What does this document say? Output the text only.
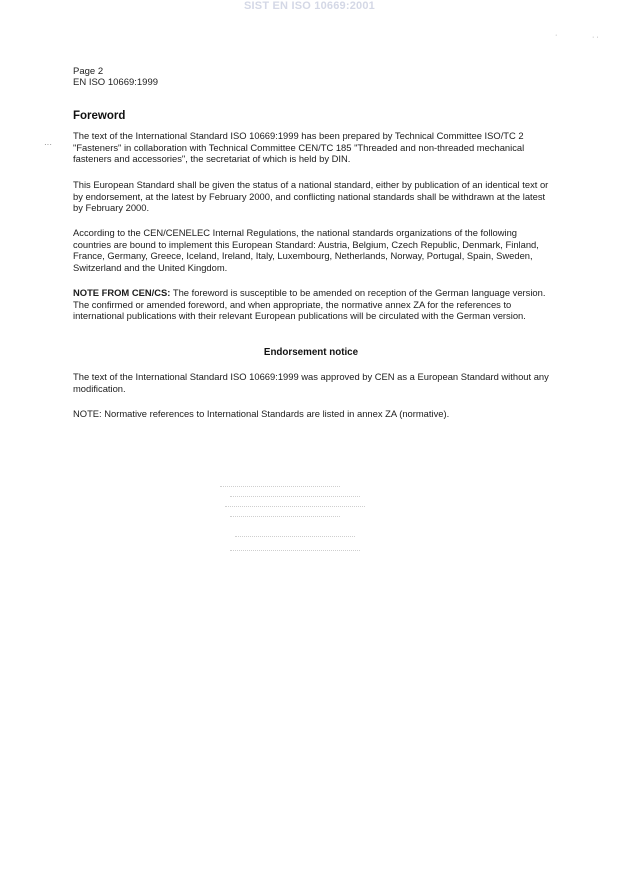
SIST EN ISO 10669:2001
·	· ·
···
Page 2
EN ISO 10669:1999
Foreword
The text of the International Standard ISO 10669:1999 has been prepared by Technical Committee ISO/TC 2 "Fasteners" in collaboration with Technical Committee CEN/TC 185 "Threaded and non-threaded mechanical fasteners and accessories", the secretariat of which is held by DIN.
This European Standard shall be given the status of a national standard, either by publication of an identical text or by endorsement, at the latest by February 2000, and conflicting national standards shall be withdrawn at the latest by February 2000.
According to the CEN/CENELEC Internal Regulations, the national standards organizations of the following countries are bound to implement this European Standard: Austria, Belgium, Czech Republic, Denmark, Finland, France, Germany, Greece, Iceland, Ireland, Italy, Luxembourg, Netherlands, Norway, Portugal, Spain, Sweden, Switzerland and the United Kingdom.
NOTE FROM CEN/CS: The foreword is susceptible to be amended on reception of the German language version. The confirmed or amended foreword, and when appropriate, the normative annex ZA for the references to international publications with their relevant European publications will be circulated with the German version.
Endorsement notice
The text of the International Standard ISO 10669:1999 was approved by CEN as a European Standard without any modification.
NOTE: Normative references to International Standards are listed in annex ZA (normative).
